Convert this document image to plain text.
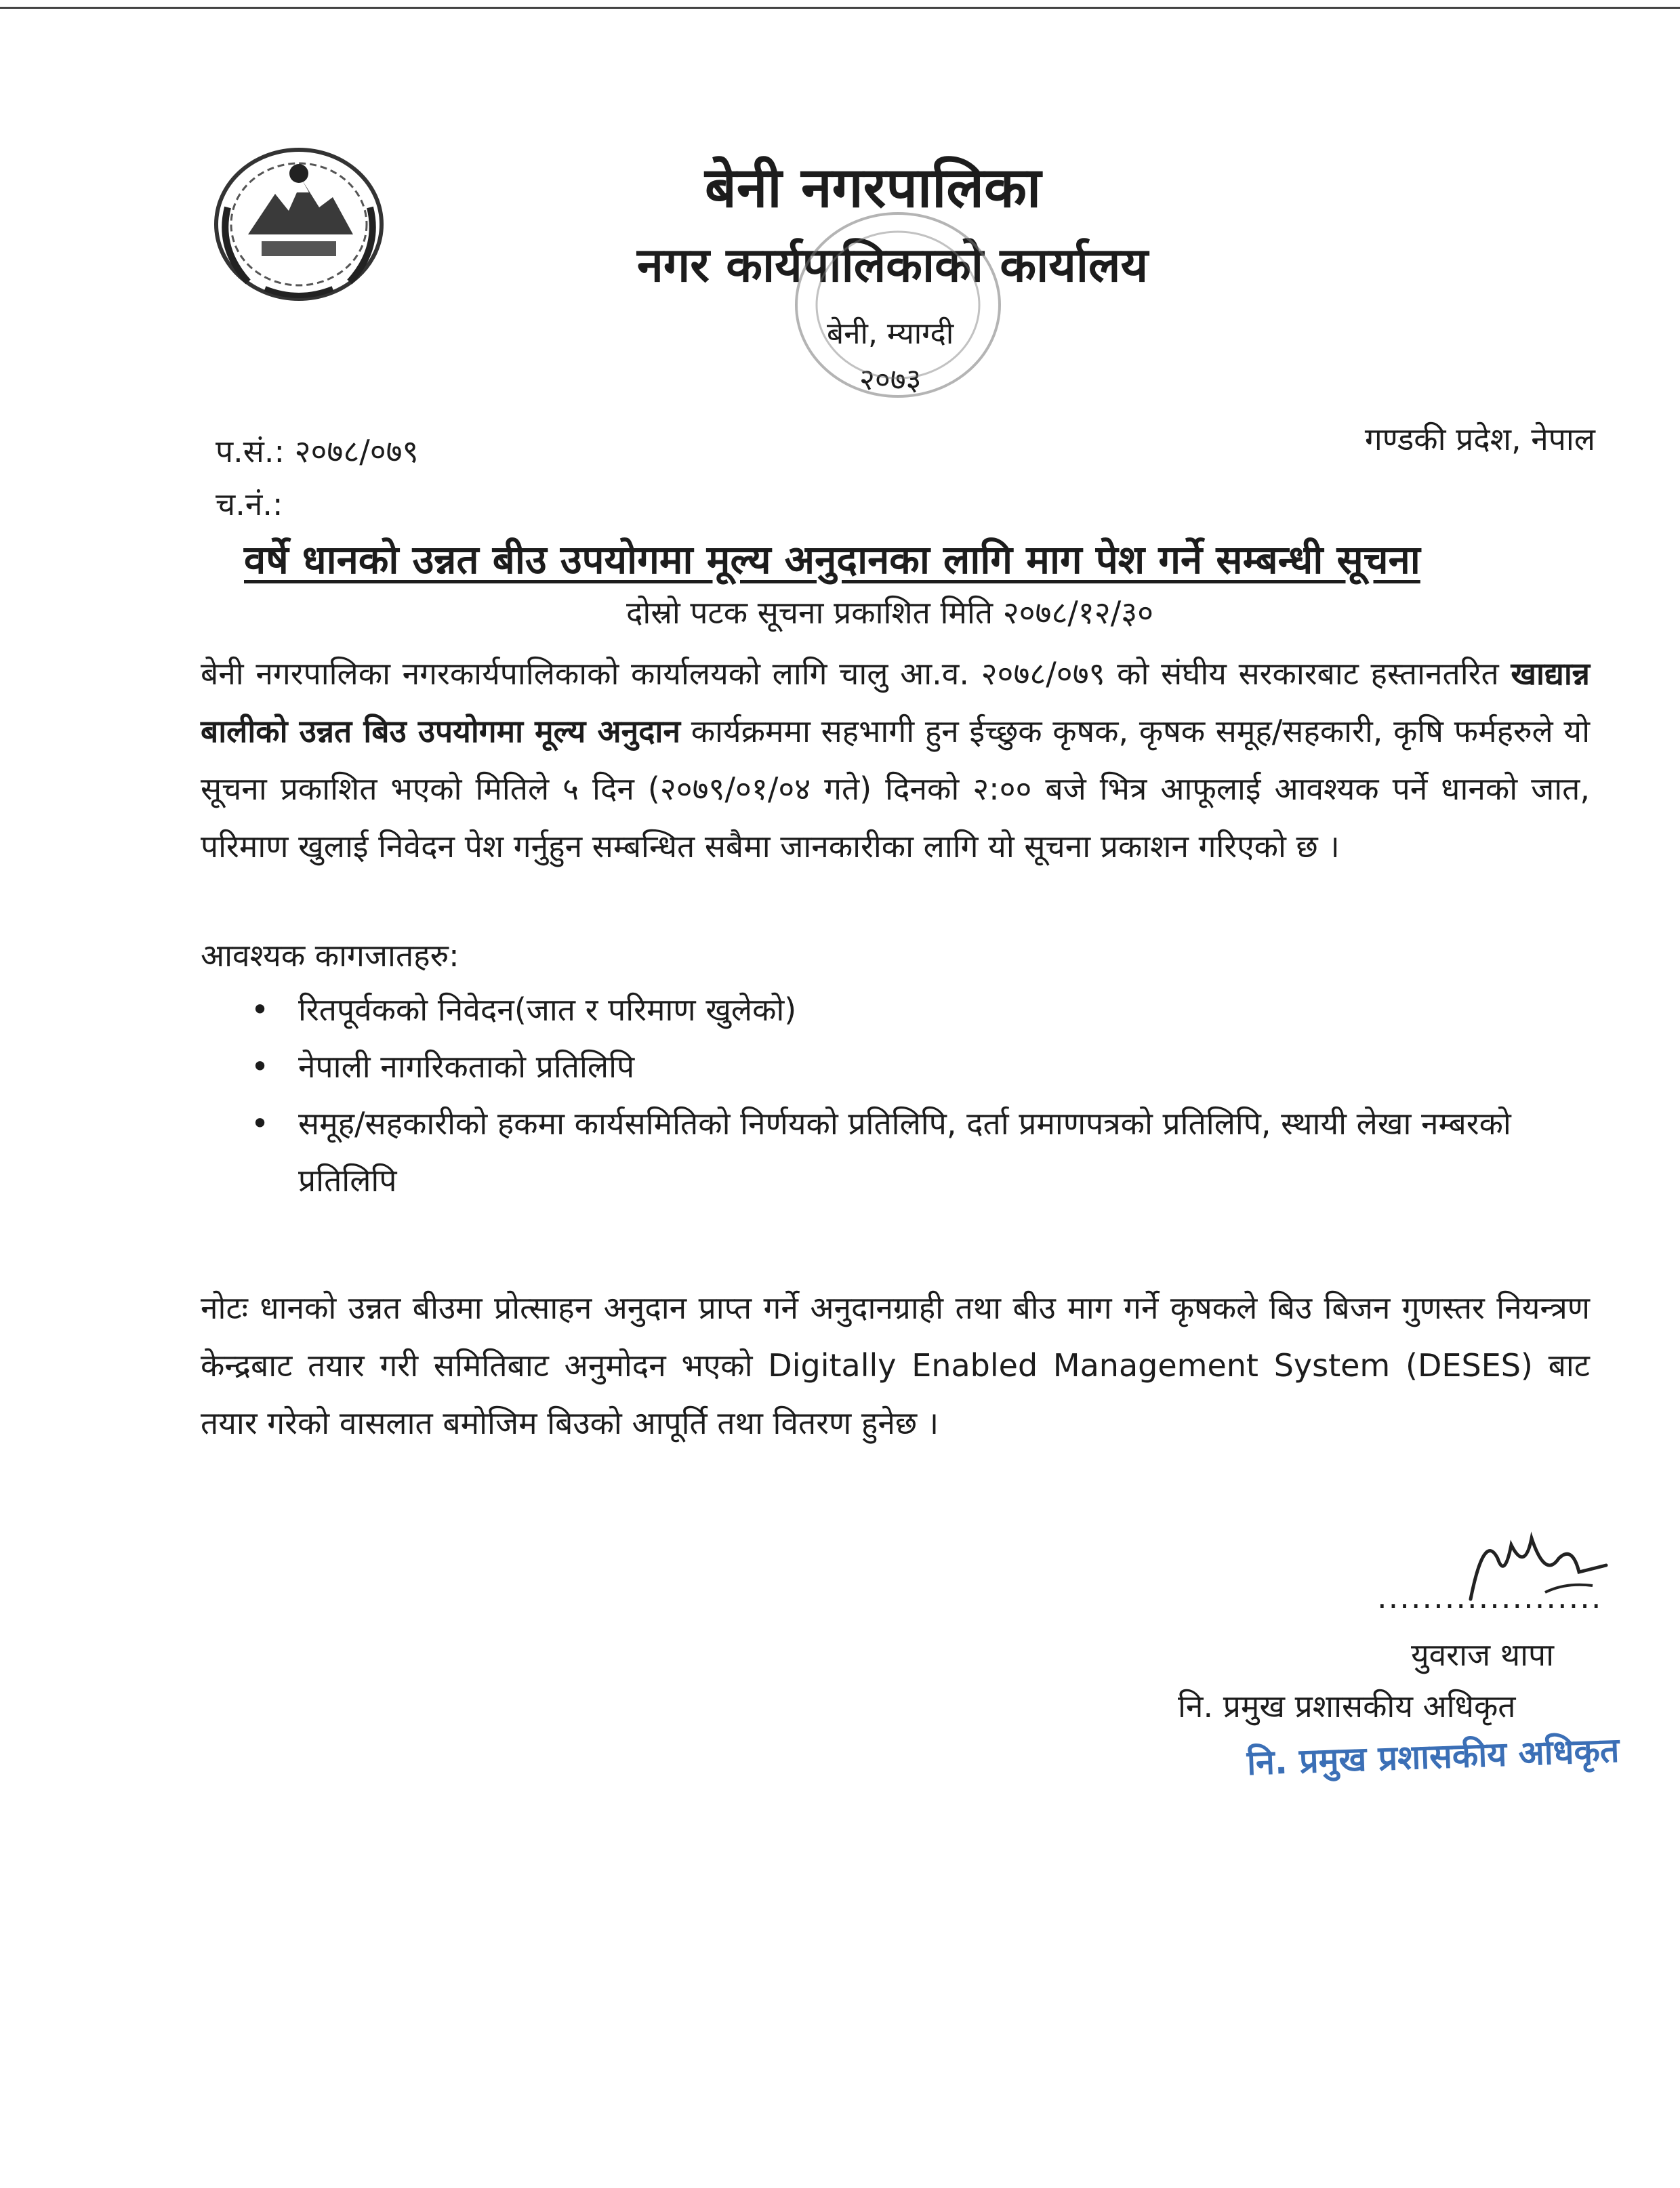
बेनी नगरपालिका
नगर कार्यपालिकाको कार्यालय
बेनी, म्याग्दी
२०७३
प.सं.: २०७८/०७९	गण्डकी प्रदेश, नेपाल
च.नं.:
वर्षे धानको उन्नत बीउ उपयोगमा मूल्य अनुदानका लागि माग पेश गर्ने सम्बन्धी सूचना
दोस्रो पटक सूचना प्रकाशित मिति २०७८/१२/३०
बेनी नगरपालिका नगरकार्यपालिकाको कार्यालयको लागि चालु आ.व. २०७८/०७९ को संघीय सरकारबाट हस्तानतरित खाद्यान्न बालीको उन्नत बिउ उपयोगमा मूल्य अनुदान कार्यक्रममा सहभागी हुन ईच्छुक कृषक, कृषक समूह/सहकारी, कृषि फर्महरुले यो सूचना प्रकाशित भएको मितिले ५ दिन (२०७९/०१/०४ गते) दिनको २:०० बजे भित्र आफूलाई आवश्यक पर्ने धानको जात, परिमाण खुलाई निवेदन पेश गर्नुहुन सम्बन्धित सबैमा जानकारीका लागि यो सूचना प्रकाशन गरिएको छ ।
आवश्यक कागजातहरु:
• रितपूर्वकको निवेदन(जात र परिमाण खुलेको)
• नेपाली नागरिकताको प्रतिलिपि
• समूह/सहकारीको हकमा कार्यसमितिको निर्णयको प्रतिलिपि, दर्ता प्रमाणपत्रको प्रतिलिपि, स्थायी लेखा नम्बरको प्रतिलिपि
नोटः धानको उन्नत बीउमा प्रोत्साहन अनुदान प्राप्त गर्ने अनुदानग्राही तथा बीउ माग गर्ने कृषकले बिउ बिजन गुणस्तर नियन्त्रण केन्द्रबाट तयार गरी समितिबाट अनुमोदन भएको Digitally Enabled Management System (DESES) बाट तयार गरेको वासलात बमोजिम बिउको आपूर्ति तथा वितरण हुनेछ ।
....................
युवराज थापा
नि. प्रमुख प्रशासकीय अधिकृत
नि. प्रमुख प्रशासकीय अधिकृत
